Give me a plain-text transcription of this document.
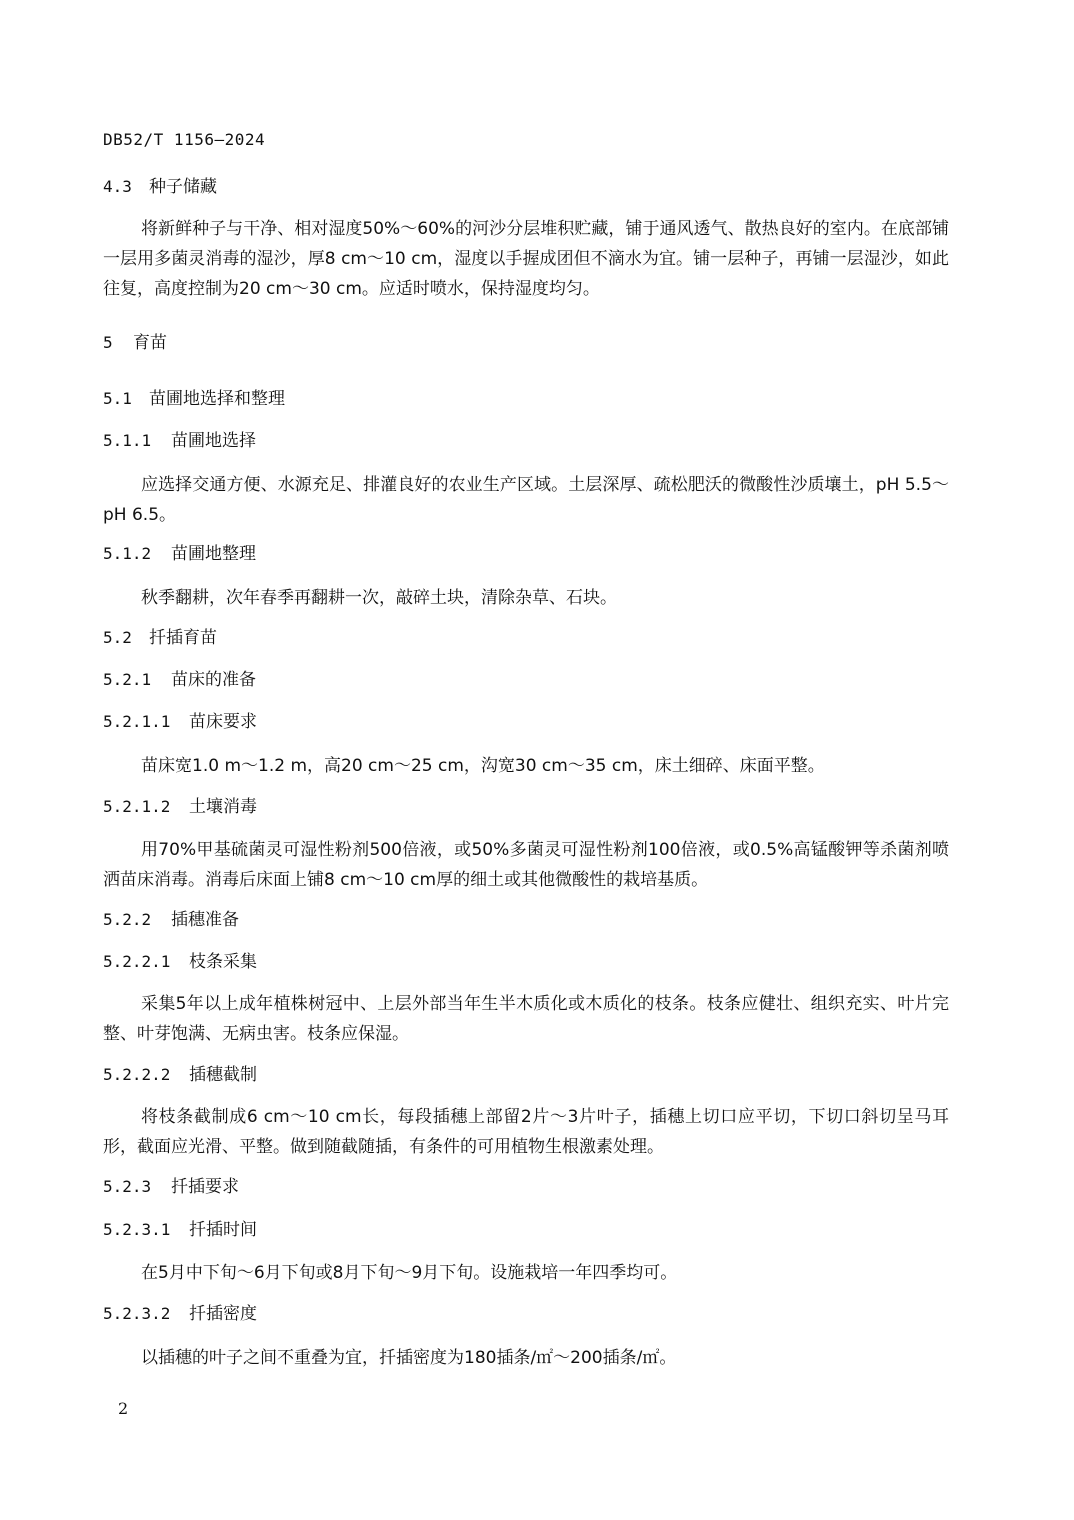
DB52/T 1156—2024
4.3 种子储藏
将新鲜种子与干净、相对湿度50%～60%的河沙分层堆积贮藏，铺于通风透气、散热良好的室内。在底部铺一层用多菌灵消毒的湿沙，厚8 cm～10 cm，湿度以手握成团但不滴水为宜。铺一层种子，再铺一层湿沙，如此往复，高度控制为20 cm～30 cm。应适时喷水，保持湿度均匀。
5 育苗
5.1 苗圃地选择和整理
5.1.1 苗圃地选择
应选择交通方便、水源充足、排灌良好的农业生产区域。土层深厚、疏松肥沃的微酸性沙质壤土，pH 5.5～pH 6.5。
5.1.2 苗圃地整理
秋季翻耕，次年春季再翻耕一次，敲碎土块，清除杂草、石块。
5.2 扦插育苗
5.2.1 苗床的准备
5.2.1.1 苗床要求
苗床宽1.0 m～1.2 m，高20 cm～25 cm，沟宽30 cm～35 cm，床土细碎、床面平整。
5.2.1.2 土壤消毒
用70%甲基硫菌灵可湿性粉剂500倍液，或50%多菌灵可湿性粉剂100倍液，或0.5%高锰酸钾等杀菌剂喷洒苗床消毒。消毒后床面上铺8 cm～10 cm厚的细土或其他微酸性的栽培基质。
5.2.2 插穗准备
5.2.2.1 枝条采集
采集5年以上成年植株树冠中、上层外部当年生半木质化或木质化的枝条。枝条应健壮、组织充实、叶片完整、叶芽饱满、无病虫害。枝条应保湿。
5.2.2.2 插穗截制
将枝条截制成6 cm～10 cm长，每段插穗上部留2片～3片叶子，插穗上切口应平切，下切口斜切呈马耳形，截面应光滑、平整。做到随截随插，有条件的可用植物生根激素处理。
5.2.3 扦插要求
5.2.3.1 扦插时间
在5月中下旬～6月下旬或8月下旬～9月下旬。设施栽培一年四季均可。
5.2.3.2 扦插密度
以插穗的叶子之间不重叠为宜，扦插密度为180插条/㎡～200插条/㎡。
2
